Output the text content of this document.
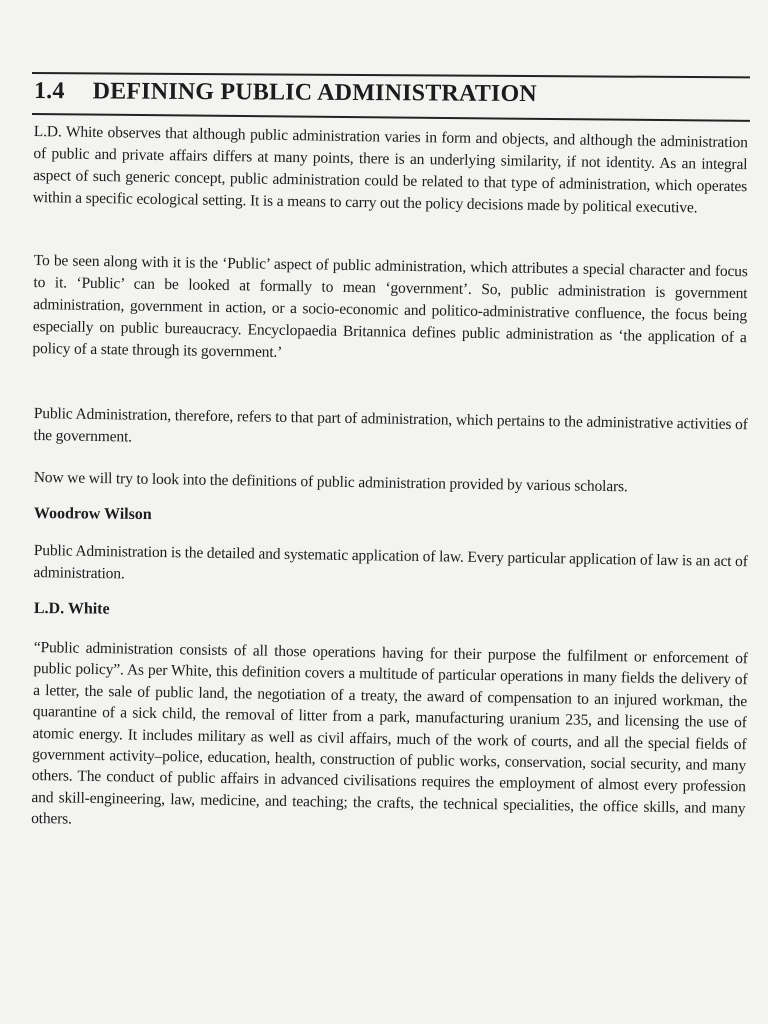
1.4 DEFINING PUBLIC ADMINISTRATION

L.D. White observes that although public administration varies in form and objects, and although the administration of public and private affairs differs at many points, there is an underlying similarity, if not identity. As an integral aspect of such generic concept, public administration could be related to that type of administration, which operates within a specific ecological setting. It is a means to carry out the policy decisions made by political executive.

To be seen along with it is the ‘Public’ aspect of public administration, which attributes a special character and focus to it. ‘Public’ can be looked at formally to mean ‘government’. So, public administration is government administration, government in action, or a socio-economic and politico-administrative confluence, the focus being especially on public bureaucracy. Encyclopaedia Britannica defines public administration as ‘the application of a policy of a state through its government.’

Public Administration, therefore, refers to that part of administration, which pertains to the administrative activities of the government.

Now we will try to look into the definitions of public administration provided by various scholars.

Woodrow Wilson

Public Administration is the detailed and systematic application of law. Every particular application of law is an act of administration.

L.D. White

“Public administration consists of all those operations having for their purpose the fulfilment or enforcement of public policy”. As per White, this definition covers a multitude of particular operations in many fields the delivery of a letter, the sale of public land, the negotiation of a treaty, the award of compensation to an injured workman, the quarantine of a sick child, the removal of litter from a park, manufacturing uranium 235, and licensing the use of atomic energy. It includes military as well as civil affairs, much of the work of courts, and all the special fields of government activity–police, education, health, construction of public works, conservation, social security, and many others. The conduct of public affairs in advanced civilisations requires the employment of almost every profession and skill-engineering, law, medicine, and teaching; the crafts, the technical specialities, the office skills, and many others.
